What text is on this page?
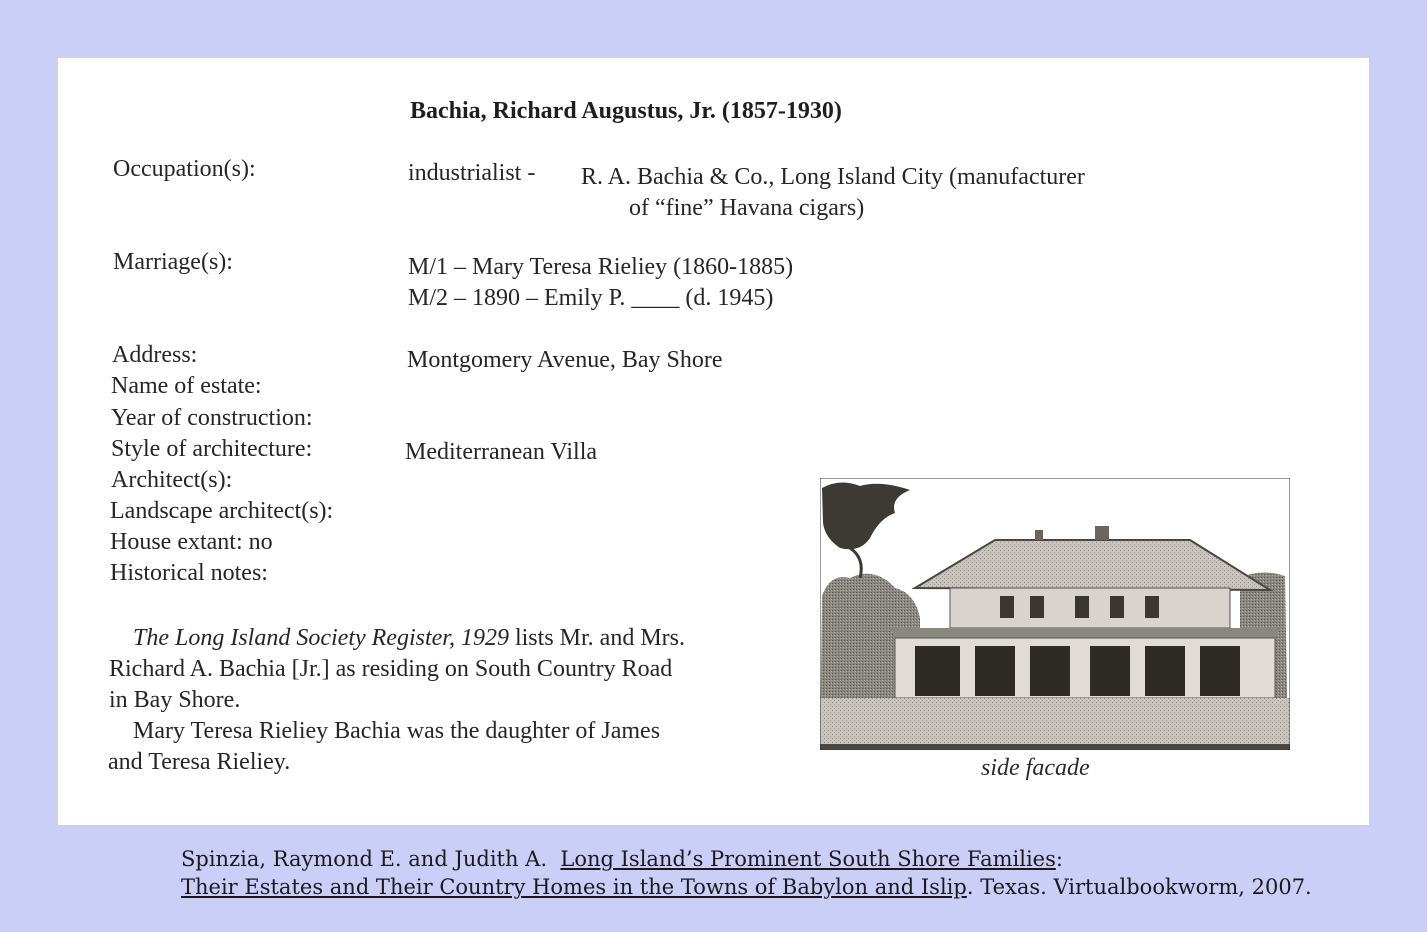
Bachia, Richard Augustus, Jr. (1857-1930)
Occupation(s):	industrialist - R. A. Bachia & Co., Long Island City (manufacturer
of “fine” Havana cigars)
Marriage(s):	M/1 – Mary Teresa Rieliey (1860-1885)
M/2 – 1890 – Emily P. ____ (d. 1945)
Address:	Montgomery Avenue, Bay Shore
Name of estate:
Year of construction:
Style of architecture:	Mediterranean Villa
Architect(s):
Landscape architect(s):
House extant: no
Historical notes:
The Long Island Society Register, 1929 lists Mr. and Mrs.
Richard A. Bachia [Jr.] as residing on South Country Road
in Bay Shore.
Mary Teresa Rieliey Bachia was the daughter of James
and Teresa Rieliey.	side facade
Spinzia, Raymond E. and Judith A. Long Island’s Prominent South Shore Families:
Their Estates and Their Country Homes in the Towns of Babylon and Islip. Texas. Virtualbookworm, 2007.
